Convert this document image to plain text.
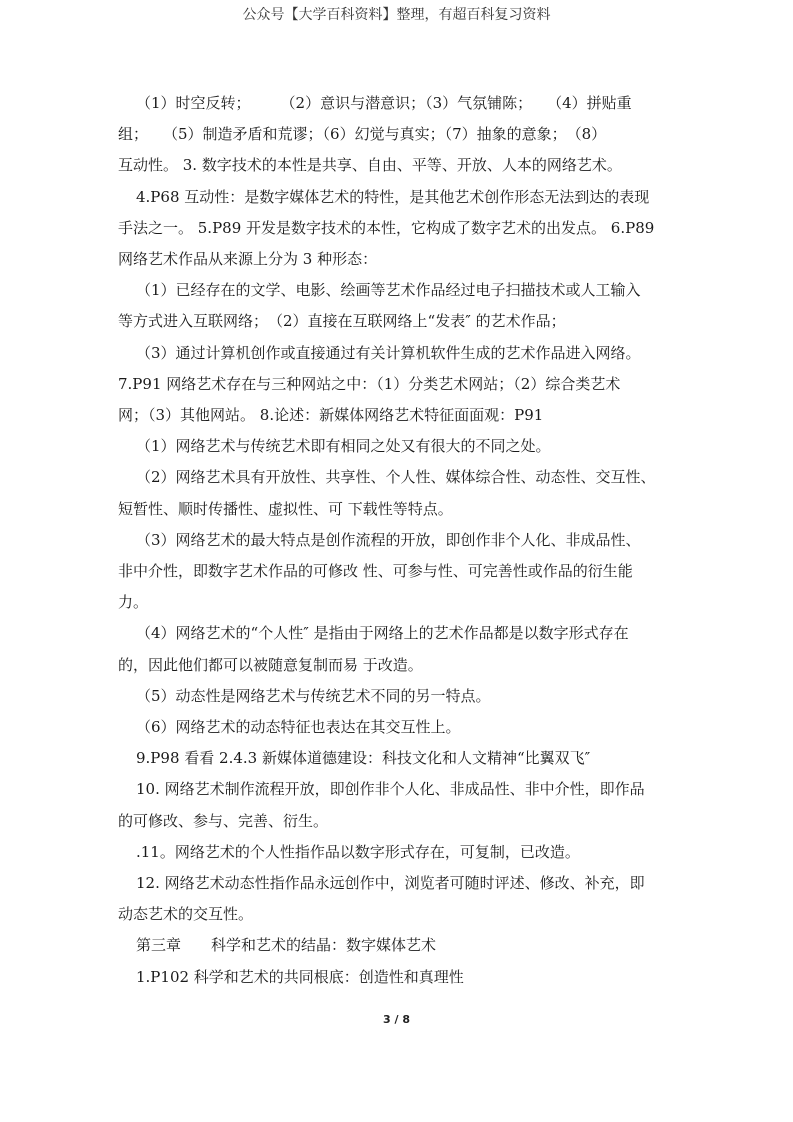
公众号【大学百科资料】整理，有超百科复习资料

（1）时空反转；　　　（2）意识与潜意识；（3）气氛铺陈；　　（4）拼贴重

组；　　（5）制造矛盾和荒谬；（6）幻觉与真实；（7）抽象的意象；　（8）

互动性。 3. 数字技术的本性是共享、自由、平等、开放、人本的网络艺术。

4.P68 互动性：是数字媒体艺术的特性，是其他艺术创作形态无法到达的表现

手法之一。 5.P89 开发是数字技术的本性，它构成了数字艺术的出发点。 6.P89

网络艺术作品从来源上分为 3 种形态：

（1）已经存在的文学、电影、绘画等艺术作品经过电子扫描技术或人工输入

等方式进入互联网络；　（2）直接在互联网络上“发表″ 的艺术作品；

（3）通过计算机创作或直接通过有关计算机软件生成的艺术作品进入网络。

7.P91 网络艺术存在与三种网站之中：（1）分类艺术网站；（2）综合类艺术

网；（3）其他网站。 8.论述：新媒体网络艺术特征面面观：P91

（1）网络艺术与传统艺术即有相同之处又有很大的不同之处。

（2）网络艺术具有开放性、共享性、个人性、媒体综合性、动态性、交互性、

短暂性、顺时传播性、虚拟性、可 下载性等特点。

（3）网络艺术的最大特点是创作流程的开放，即创作非个人化、非成品性、

非中介性，即数字艺术作品的可修改 性、可参与性、可完善性或作品的衍生能

力。

（4）网络艺术的“个人性″ 是指由于网络上的艺术作品都是以数字形式存在

的，因此他们都可以被随意复制而易 于改造。

（5）动态性是网络艺术与传统艺术不同的另一特点。

（6）网络艺术的动态特征也表达在其交互性上。

9.P98 看看 2.4.3 新媒体道德建设：科技文化和人文精神“比翼双飞″

10. 网络艺术制作流程开放，即创作非个人化、非成品性、非中介性，即作品

的可修改、参与、完善、衍生。

.11。网络艺术的个人性指作品以数字形式存在，可复制，已改造。

12. 网络艺术动态性指作品永远创作中，浏览者可随时评述、修改、补充，即

动态艺术的交互性。

第三章　　科学和艺术的结晶：数字媒体艺术

1.P102 科学和艺术的共同根底：创造性和真理性

3 / 8
